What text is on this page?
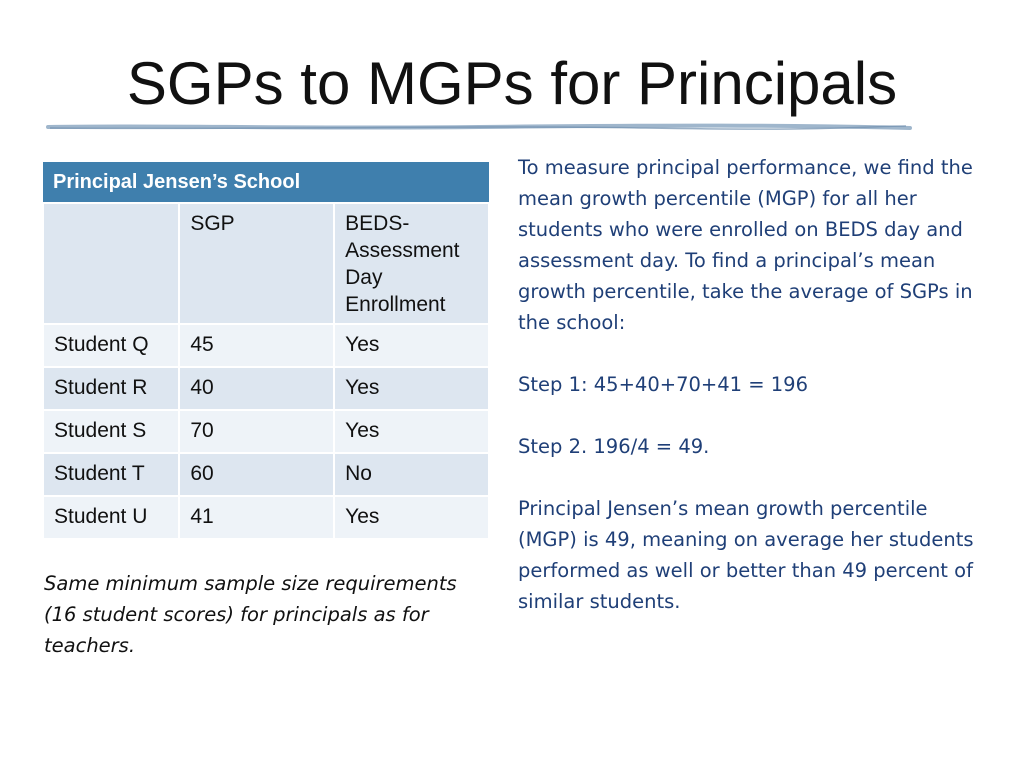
SGPs to MGPs for Principals
Principal Jensen’s School		
	SGP	BEDS-Assessment Day Enrollment

Student Q	45	Yes
Student R	40	Yes
Student S	70	Yes
Student T	60	No
Student U	41	Yes

Same minimum sample size requirements (16 student scores) for principals as for teachers.

To measure principal performance, we find the mean growth percentile (MGP) for all her students who were enrolled on BEDS day and assessment day. To find a principal’s mean growth percentile, take the average of SGPs in the school:

Step 1: 45+40+70+41 = 196

Step 2. 196/4 = 49.

Principal Jensen’s mean growth percentile (MGP) is 49, meaning on average her students performed as well or better than 49 percent of similar students.
